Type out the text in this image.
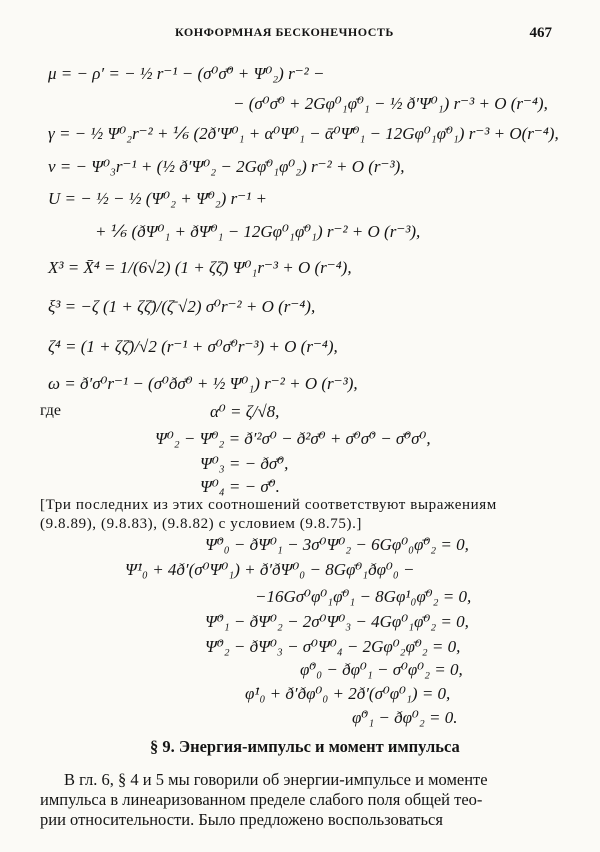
КОНФОРМНАЯ БЕСКОНЕЧНОСТЬ	467
μ = − ρ′ = − ½ r⁻¹ − (σ⁰σ̄̇⁰ + Ψ⁰₂) r⁻² −
− (σ⁰σ̄⁰ + 2Gφ⁰₁φ̄⁰₁ − ½ ð′Ψ⁰₁) r⁻³ + O (r⁻⁴),
γ = − ½ Ψ⁰₂r⁻² + ⅙ (2ð′Ψ⁰₁ + α⁰Ψ⁰₁ − ᾱ⁰Ψ̄⁰₁ − 12Gφ⁰₁φ̄⁰₁) r⁻³ + O(r⁻⁴),
ν = − Ψ⁰₃r⁻¹ + (½ ð′Ψ⁰₂ − 2Gφ̄⁰₁φ⁰₂) r⁻² + O (r⁻³),
U = − ½ − ½ (Ψ⁰₂ + Ψ̄⁰₂) r⁻¹ +
+ ⅙ (ðΨ⁰₁ + ðΨ̄⁰₁ − 12Gφ⁰₁φ̄⁰₁) r⁻² + O (r⁻³),
X³ = X̄⁴ = 1/(6√2) (1 + ζζ̄) Ψ⁰₁r⁻³ + O (r⁻⁴),
ξ³ = −ζ (1 + ζζ̄)/(ζ̄ √2) σ⁰r⁻² + O (r⁻⁴),
ζ⁴ = (1 + ζζ̄)/√2 (r⁻¹ + σ⁰σ̄⁰r⁻³) + O (r⁻⁴),
ω = ð′σ⁰r⁻¹ − (σ⁰ðσ̄⁰ + ½ Ψ⁰₁) r⁻² + O (r⁻³),
где	α⁰ = ζ/√8,
Ψ⁰₂ − Ψ̄⁰₂ = ð′²σ⁰ − ð²σ̄⁰ + σ̄⁰σ̇⁰ − σ̄̇⁰σ⁰,
Ψ⁰₃ = − ðσ̄̇⁰,
Ψ⁰₄ = − σ̄̈⁰.
[Три последних из этих соотношений соответствуют выражениям
(9.8.89), (9.8.83), (9.8.82) с условием (9.8.75).]
Ψ̇⁰₀ − ðΨ⁰₁ − 3σ⁰Ψ⁰₂ − 6Gφ⁰₀φ̄̇⁰₂ = 0,
Ψ̇¹₀ + 4ð′(σ⁰Ψ⁰₁) + ð′ðΨ⁰₀ − 8Gφ̄⁰₁ðφ⁰₀ −
−16Gσ⁰φ⁰₁φ̄⁰₁ − 8Gφ¹₀φ̄⁰₂ = 0,
Ψ̇⁰₁ − ðΨ⁰₂ − 2σ⁰Ψ⁰₃ − 4Gφ⁰₁φ̄⁰₂ = 0,
Ψ̇⁰₂ − ðΨ⁰₃ − σ⁰Ψ⁰₄ − 2Gφ⁰₂φ̄⁰₂ = 0,
φ̇⁰₀ − ðφ⁰₁ − σ⁰φ⁰₂ = 0,
φ̇¹₀ + ð′ðφ⁰₀ + 2ð′(σ⁰φ⁰₁) = 0,
φ̇⁰₁ − ðφ⁰₂ = 0.
§ 9. Энергия-импульс и момент импульса
В гл. 6, § 4 и 5 мы говорили об энергии-импульсе и моменте
импульса в линеаризованном пределе слабого поля общей тео-
рии относительности. Было предложено воспользоваться
